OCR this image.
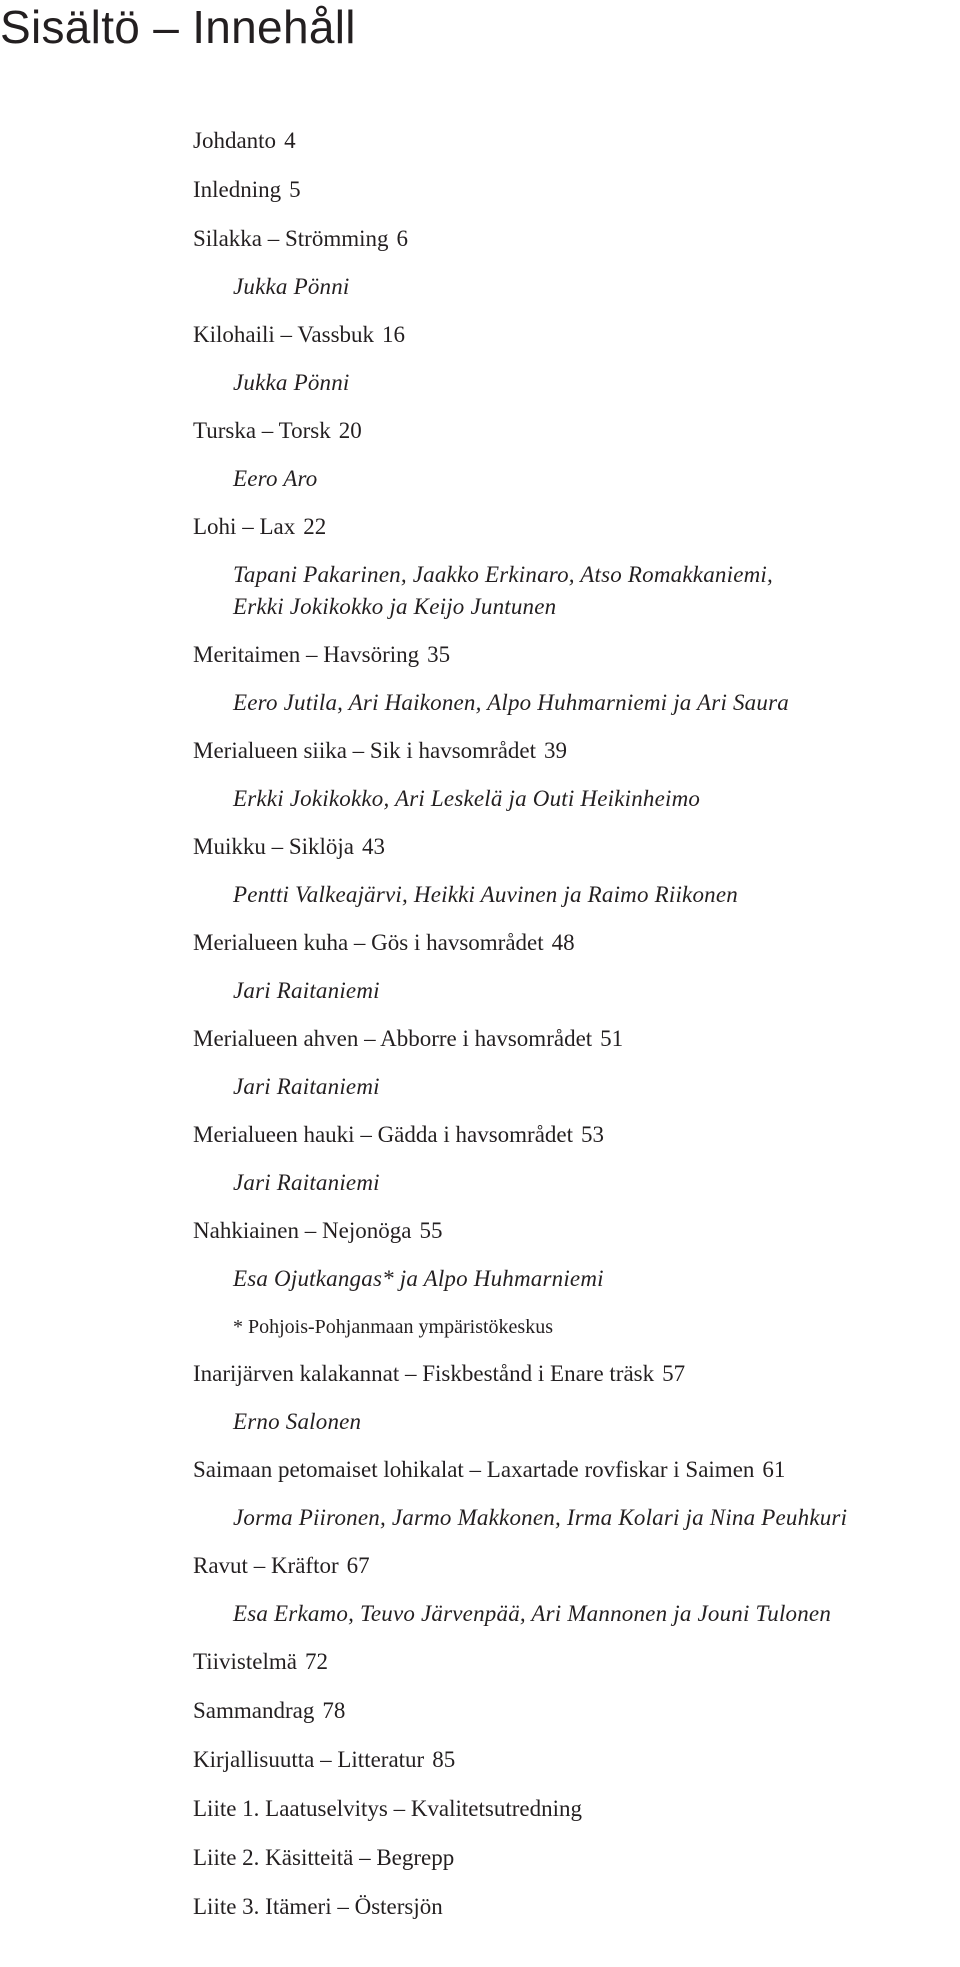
Sisältö – Innehåll
Johdanto 4
Inledning 5
Silakka – Strömming 6
Jukka Pönni
Kilohaili – Vassbuk 16
Jukka Pönni
Turska – Torsk 20
Eero Aro
Lohi – Lax 22
Tapani Pakarinen, Jaakko Erkinaro, Atso Romakkaniemi,
Erkki Jokikokko ja Keijo Juntunen
Meritaimen – Havsöring 35
Eero Jutila, Ari Haikonen, Alpo Huhmarniemi ja Ari Saura
Merialueen siika – Sik i havsområdet 39
Erkki Jokikokko, Ari Leskelä ja Outi Heikinheimo
Muikku – Siklöja 43
Pentti Valkeajärvi, Heikki Auvinen ja Raimo Riikonen
Merialueen kuha – Gös i havsområdet 48
Jari Raitaniemi
Merialueen ahven – Abborre i havsområdet 51
Jari Raitaniemi
Merialueen hauki – Gädda i havsområdet 53
Jari Raitaniemi
Nahkiainen – Nejonöga 55
Esa Ojutkangas* ja Alpo Huhmarniemi
* Pohjois-Pohjanmaan ympäristökeskus
Inarijärven kalakannat – Fiskbestånd i Enare träsk 57
Erno Salonen
Saimaan petomaiset lohikalat – Laxartade rovfiskar i Saimen 61
Jorma Piironen, Jarmo Makkonen, Irma Kolari ja Nina Peuhkuri
Ravut – Kräftor 67
Esa Erkamo, Teuvo Järvenpää, Ari Mannonen ja Jouni Tulonen
Tiivistelmä 72
Sammandrag 78
Kirjallisuutta – Litteratur 85
Liite 1. Laatuselvitys – Kvalitetsutredning
Liite 2. Käsitteitä – Begrepp
Liite 3. Itämeri – Östersjön
